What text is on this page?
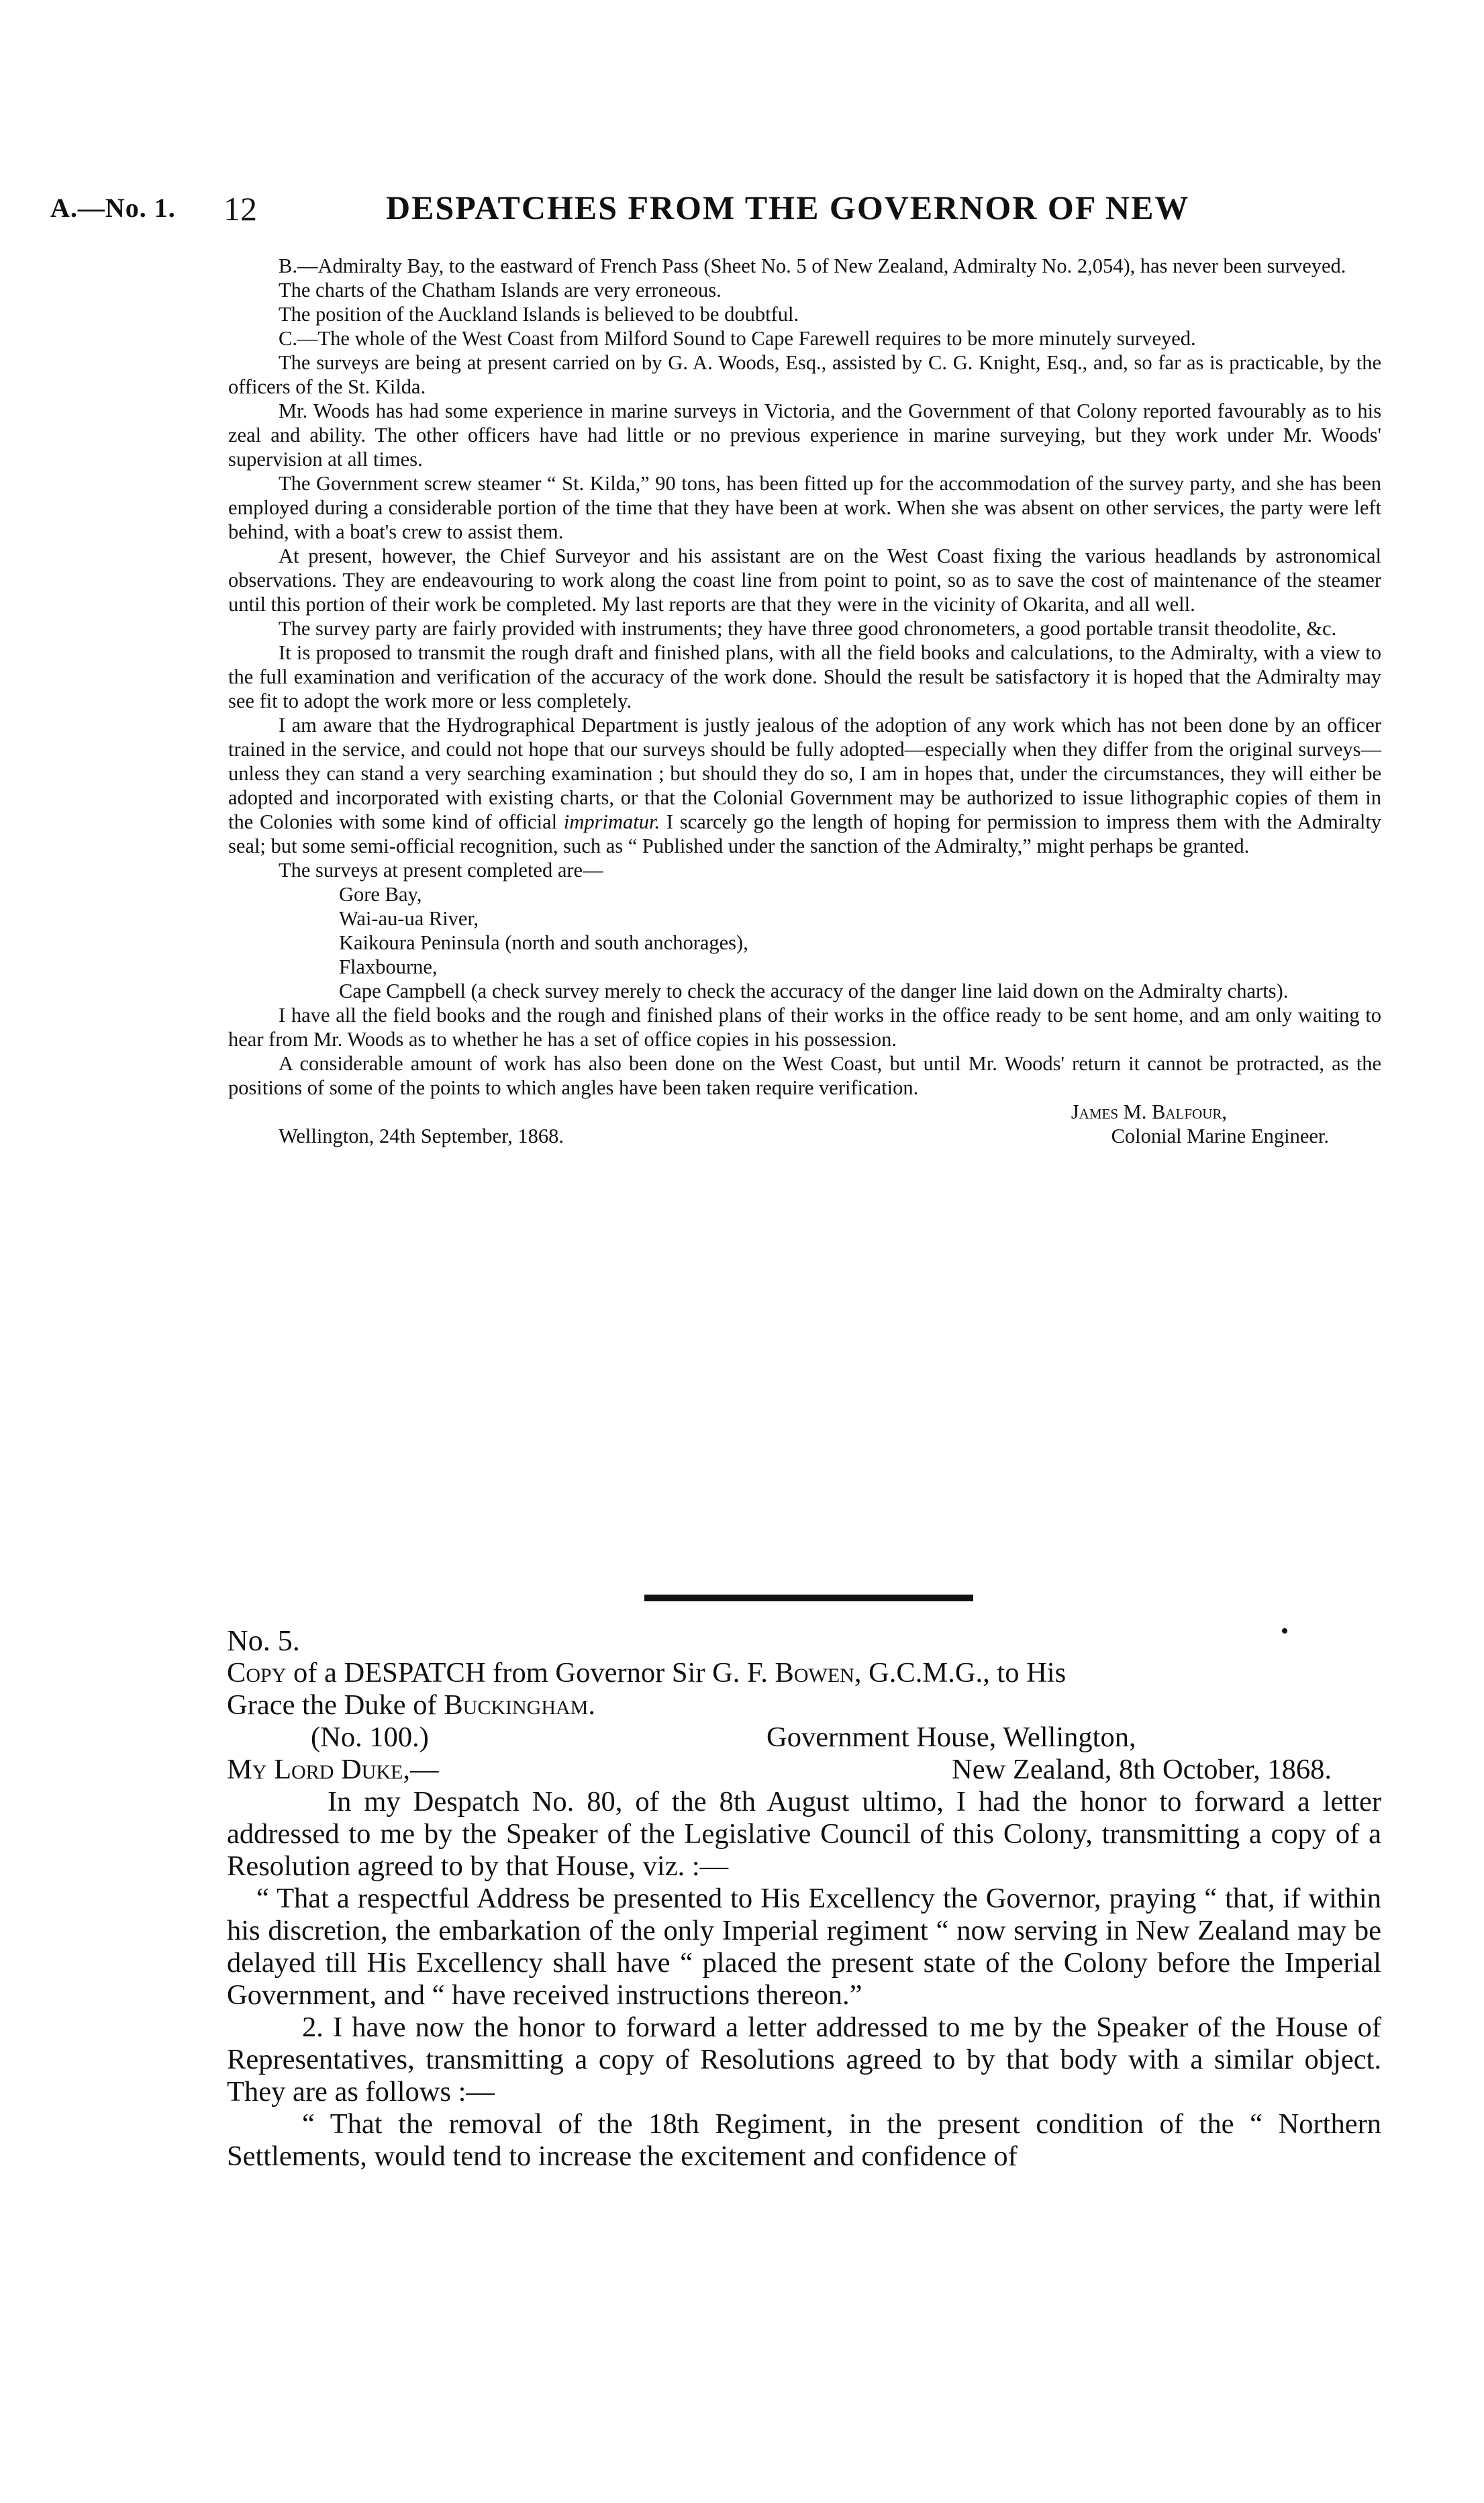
A.—No. 1. 12	DESPATCHES FROM THE GOVERNOR OF NEW

B.—Admiralty Bay, to the eastward of French Pass (Sheet No. 5 of New Zealand, Admiralty No. 2,054), has never been surveyed.

The charts of the Chatham Islands are very erroneous.

The position of the Auckland Islands is believed to be doubtful.

C.—The whole of the West Coast from Milford Sound to Cape Farewell requires to be more minutely surveyed.

The surveys are being at present carried on by G. A. Woods, Esq., assisted by C. G. Knight, Esq., and, so far as is practicable, by the officers of the St. Kilda.

Mr. Woods has had some experience in marine surveys in Victoria, and the Government of that Colony reported favourably as to his zeal and ability. The other officers have had little or no previous experience in marine surveying, but they work under Mr. Woods' supervision at all times.

The Government screw steamer “ St. Kilda,” 90 tons, has been fitted up for the accommodation of the survey party, and she has been employed during a considerable portion of the time that they have been at work. When she was absent on other services, the party were left behind, with a boat's crew to assist them.

At present, however, the Chief Surveyor and his assistant are on the West Coast fixing the various headlands by astronomical observations. They are endeavouring to work along the coast line from point to point, so as to save the cost of maintenance of the steamer until this portion of their work be completed. My last reports are that they were in the vicinity of Okarita, and all well.

The survey party are fairly provided with instruments; they have three good chronometers, a good portable transit theodolite, &c.

It is proposed to transmit the rough draft and finished plans, with all the field books and calculations, to the Admiralty, with a view to the full examination and verification of the accuracy of the work done. Should the result be satisfactory it is hoped that the Admiralty may see fit to adopt the work more or less completely.

I am aware that the Hydrographical Department is justly jealous of the adoption of any work which has not been done by an officer trained in the service, and could not hope that our surveys should be fully adopted—especially when they differ from the original surveys—unless they can stand a very searching examination ; but should they do so, I am in hopes that, under the circumstances, they will either be adopted and incorporated with existing charts, or that the Colonial Government may be authorized to issue lithographic copies of them in the Colonies with some kind of official imprimatur. I scarcely go the length of hoping for permission to impress them with the Admiralty seal; but some semi-official recognition, such as “ Published under the sanction of the Admiralty,” might perhaps be granted.

The surveys at present completed are—

Gore Bay,

Wai-au-ua River,

Kaikoura Peninsula (north and south anchorages),

Flaxbourne,

Cape Campbell (a check survey merely to check the accuracy of the danger line laid down on the Admiralty charts).

I have all the field books and the rough and finished plans of their works in the office ready to be sent home, and am only waiting to hear from Mr. Woods as to whether he has a set of office copies in his possession.

A considerable amount of work has also been done on the West Coast, but until Mr. Woods' return it cannot be protracted, as the positions of some of the points to which angles have been taken require verification.

James M. Balfour,
Wellington, 24th September, 1868.	Colonial Marine Engineer.

No. 5.

Copy of a DESPATCH from Governor Sir G. F. Bowen, G.C.M.G., to His
Grace the Duke of Buckingham.

(No. 100.)	Government House, Wellington,
My Lord Duke,—	New Zealand, 8th October, 1868.

In my Despatch No. 80, of the 8th August ultimo, I had the honor to forward a letter addressed to me by the Speaker of the Legislative Council of this Colony, transmitting a copy of a Resolution agreed to by that House, viz. :—

“ That a respectful Address be presented to His Excellency the Governor, praying “ that, if within his discretion, the embarkation of the only Imperial regiment “ now serving in New Zealand may be delayed till His Excellency shall have “ placed the present state of the Colony before the Imperial Government, and “ have received instructions thereon.”

2. I have now the honor to forward a letter addressed to me by the Speaker of the House of Representatives, transmitting a copy of Resolutions agreed to by that body with a similar object. They are as follows :—

“ That the removal of the 18th Regiment, in the present condition of the “ Northern Settlements, would tend to increase the excitement and confidence of
